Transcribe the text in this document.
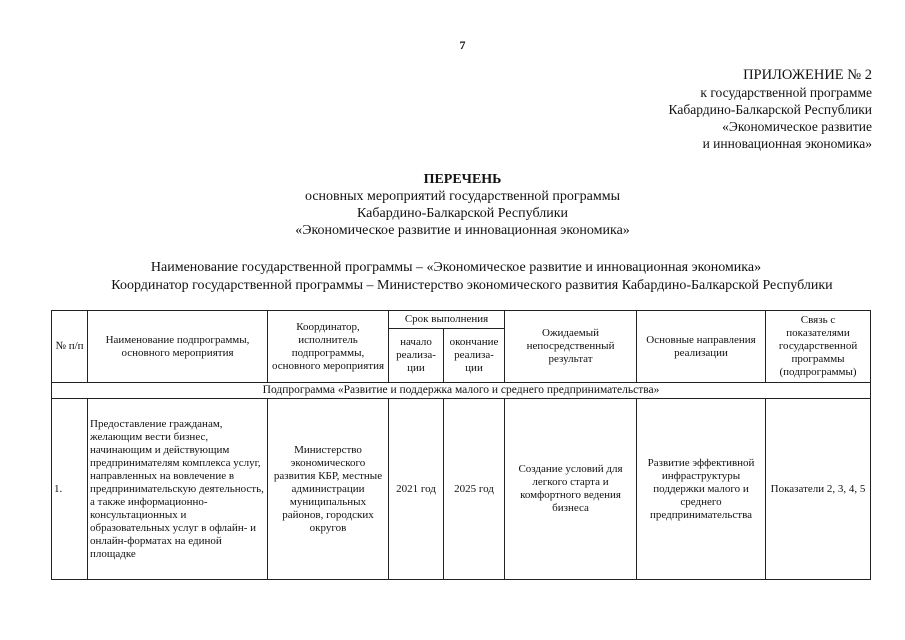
7
ПРИЛОЖЕНИЕ № 2
к государственной программе
Кабардино-Балкарской Республики
«Экономическое развитие
и инновационная экономика»
ПЕРЕЧЕНЬ
основных мероприятий государственной программы
Кабардино-Балкарской Республики
«Экономическое развитие и инновационная экономика»
Наименование государственной программы – «Экономическое развитие и инновационная экономика»
Координатор государственной программы – Министерство экономического развития Кабардино-Балкарской Республики
№ п/п	Наименование подпрограммы, основного мероприятия	Координатор, исполнитель подпрограммы, основного мероприятия	Срок выполнения		Ожидаемый непосредственный результат	Основные направления реализации	Связь с показателями государственной программы (подпрограммы)
			начало реализа-ции	окончание реализа-ции			
Подпрограмма «Развитие и поддержка малого и среднего предпринимательства»							
1.	Предоставление гражданам, желающим вести бизнес, начинающим и действующим предпринимателям комплекса услуг, направленных на вовлечение в предпринимательскую деятельность, а также информационно-консультационных и образовательных услуг в офлайн- и онлайн-форматах на единой площадке	Министерство экономического развития КБР, местные администрации муниципальных районов, городских округов	2021 год	2025 год	Создание условий для легкого старта и комфортного ведения бизнеса	Развитие эффективной инфраструктуры поддержки малого и среднего предпринимательства	Показатели 2, 3, 4, 5
